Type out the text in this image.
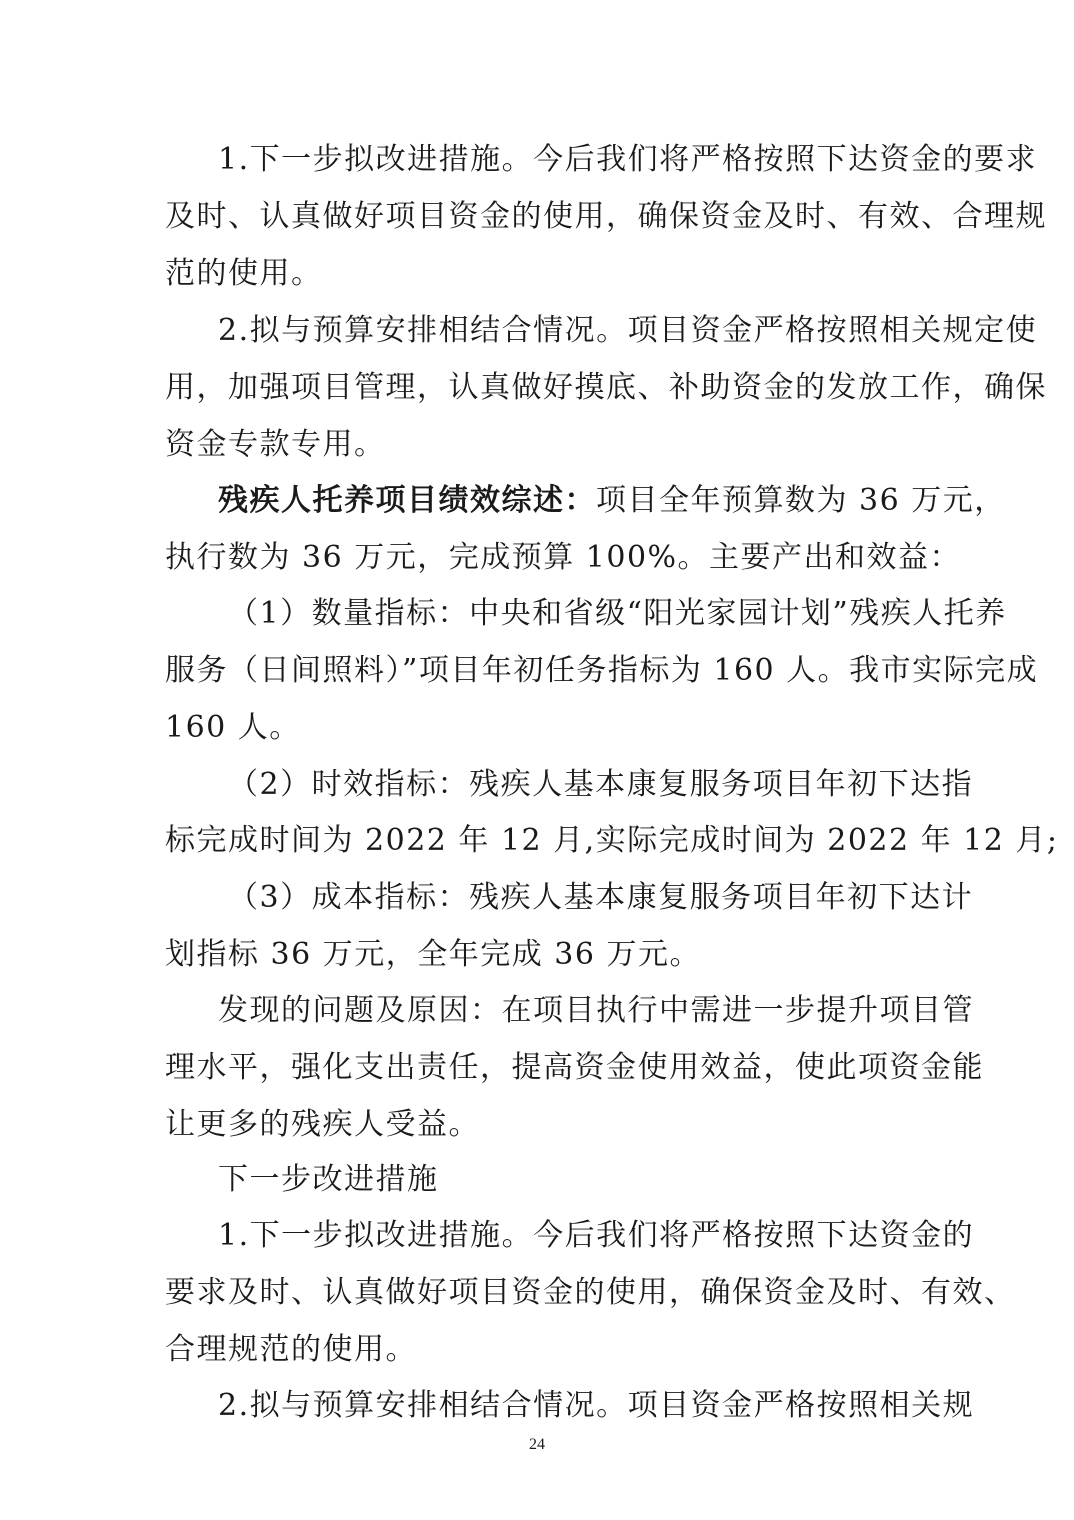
1.下一步拟改进措施。今后我们将严格按照下达资金的要求
及时、认真做好项目资金的使用，确保资金及时、有效、合理规
范的使用。
2.拟与预算安排相结合情况。项目资金严格按照相关规定使
用，加强项目管理，认真做好摸底、补助资金的发放工作，确保
资金专款专用。
残疾人托养项目绩效综述：项目全年预算数为 36 万元，
执行数为 36 万元，完成预算 100%。主要产出和效益：
（1）数量指标：中央和省级“阳光家园计划”残疾人托养
服务（日间照料）”项目年初任务指标为 160 人。我市实际完成
160 人。
（2）时效指标：残疾人基本康复服务项目年初下达指
标完成时间为 2022 年 12 月,实际完成时间为 2022 年 12 月;
（3）成本指标：残疾人基本康复服务项目年初下达计
划指标 36 万元，全年完成 36 万元。
发现的问题及原因：在项目执行中需进一步提升项目管
理水平，强化支出责任，提高资金使用效益，使此项资金能
让更多的残疾人受益。
下一步改进措施
1.下一步拟改进措施。今后我们将严格按照下达资金的
要求及时、认真做好项目资金的使用，确保资金及时、有效、
合理规范的使用。
2.拟与预算安排相结合情况。项目资金严格按照相关规
24
